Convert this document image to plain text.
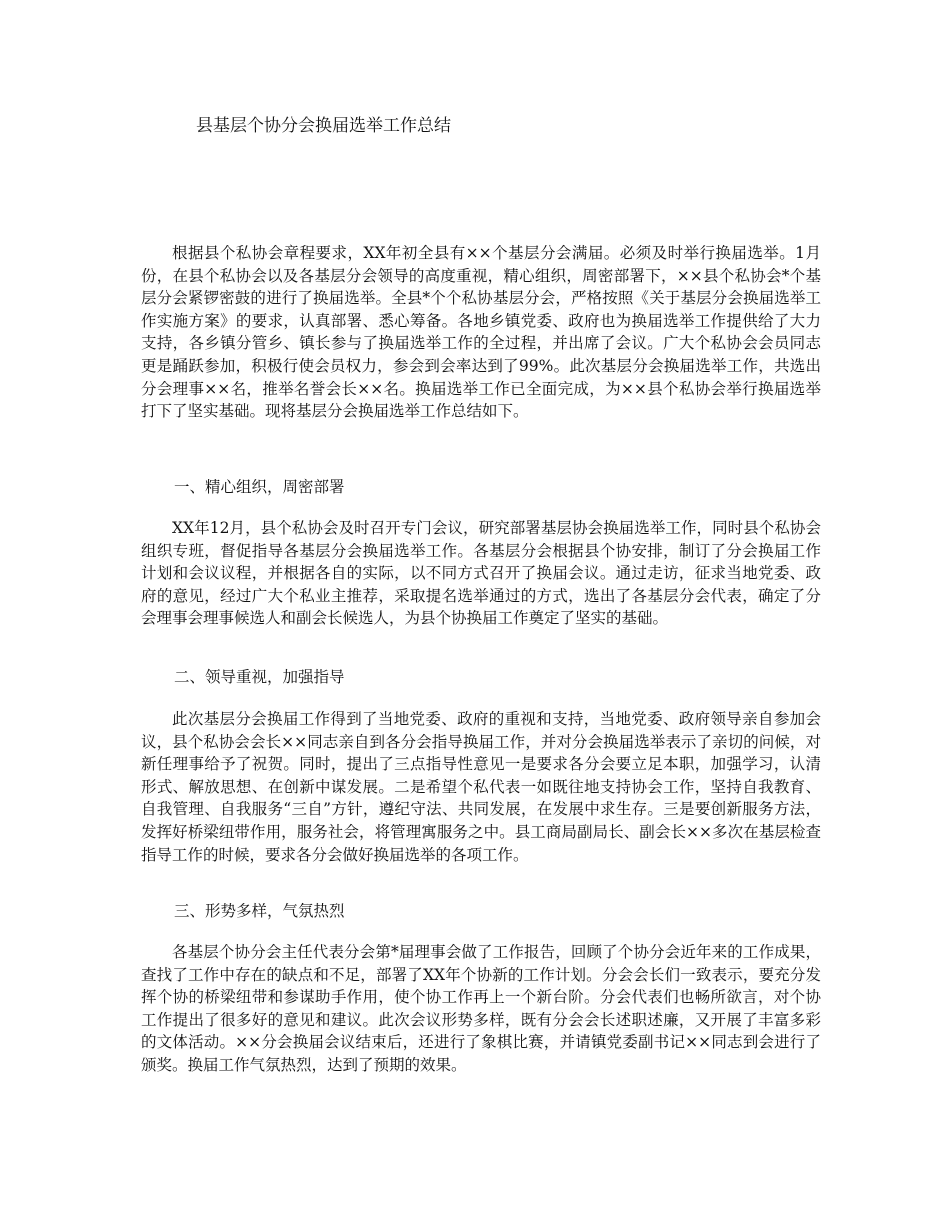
县基层个协分会换届选举工作总结

根据县个私协会章程要求，XX年初全县有××个基层分会满届。必须及时举行换届选举。1月份，在县个私协会以及各基层分会领导的高度重视，精心组织，周密部署下，××县个私协会*个基层分会紧锣密鼓的进行了换届选举。全县*个个私协基层分会，严格按照《关于基层分会换届选举工作实施方案》的要求，认真部署、悉心筹备。各地乡镇党委、政府也为换届选举工作提供给了大力支持，各乡镇分管乡、镇长参与了换届选举工作的全过程，并出席了会议。广大个私协会会员同志更是踊跃参加，积极行使会员权力，参会到会率达到了99%。此次基层分会换届选举工作，共选出分会理事××名，推举名誉会长××名。换届选举工作已全面完成，为××县个私协会举行换届选举打下了坚实基础。现将基层分会换届选举工作总结如下。

一、精心组织，周密部署

XX年12月，县个私协会及时召开专门会议，研究部署基层协会换届选举工作，同时县个私协会组织专班，督促指导各基层分会换届选举工作。各基层分会根据县个协安排，制订了分会换届工作计划和会议议程，并根据各自的实际，以不同方式召开了换届会议。通过走访，征求当地党委、政府的意见，经过广大个私业主推荐，采取提名选举通过的方式，选出了各基层分会代表，确定了分会理事会理事候选人和副会长候选人，为县个协换届工作奠定了坚实的基础。

二、领导重视，加强指导

此次基层分会换届工作得到了当地党委、政府的重视和支持，当地党委、政府领导亲自参加会议，县个私协会会长××同志亲自到各分会指导换届工作，并对分会换届选举表示了亲切的问候，对新任理事给予了祝贺。同时，提出了三点指导性意见一是要求各分会要立足本职，加强学习，认清形式、解放思想、在创新中谋发展。二是希望个私代表一如既往地支持协会工作，坚持自我教育、自我管理、自我服务“三自”方针，遵纪守法、共同发展，在发展中求生存。三是要创新服务方法，发挥好桥梁纽带作用，服务社会，将管理寓服务之中。县工商局副局长、副会长××多次在基层检查指导工作的时候，要求各分会做好换届选举的各项工作。

三、形势多样，气氛热烈

各基层个协分会主任代表分会第*届理事会做了工作报告，回顾了个协分会近年来的工作成果，查找了工作中存在的缺点和不足，部署了XX年个协新的工作计划。分会会长们一致表示，要充分发挥个协的桥梁纽带和参谋助手作用，使个协工作再上一个新台阶。分会代表们也畅所欲言，对个协工作提出了很多好的意见和建议。此次会议形势多样，既有分会会长述职述廉，又开展了丰富多彩的文体活动。××分会换届会议结束后，还进行了象棋比赛，并请镇党委副书记××同志到会进行了颁奖。换届工作气氛热烈，达到了预期的效果。
